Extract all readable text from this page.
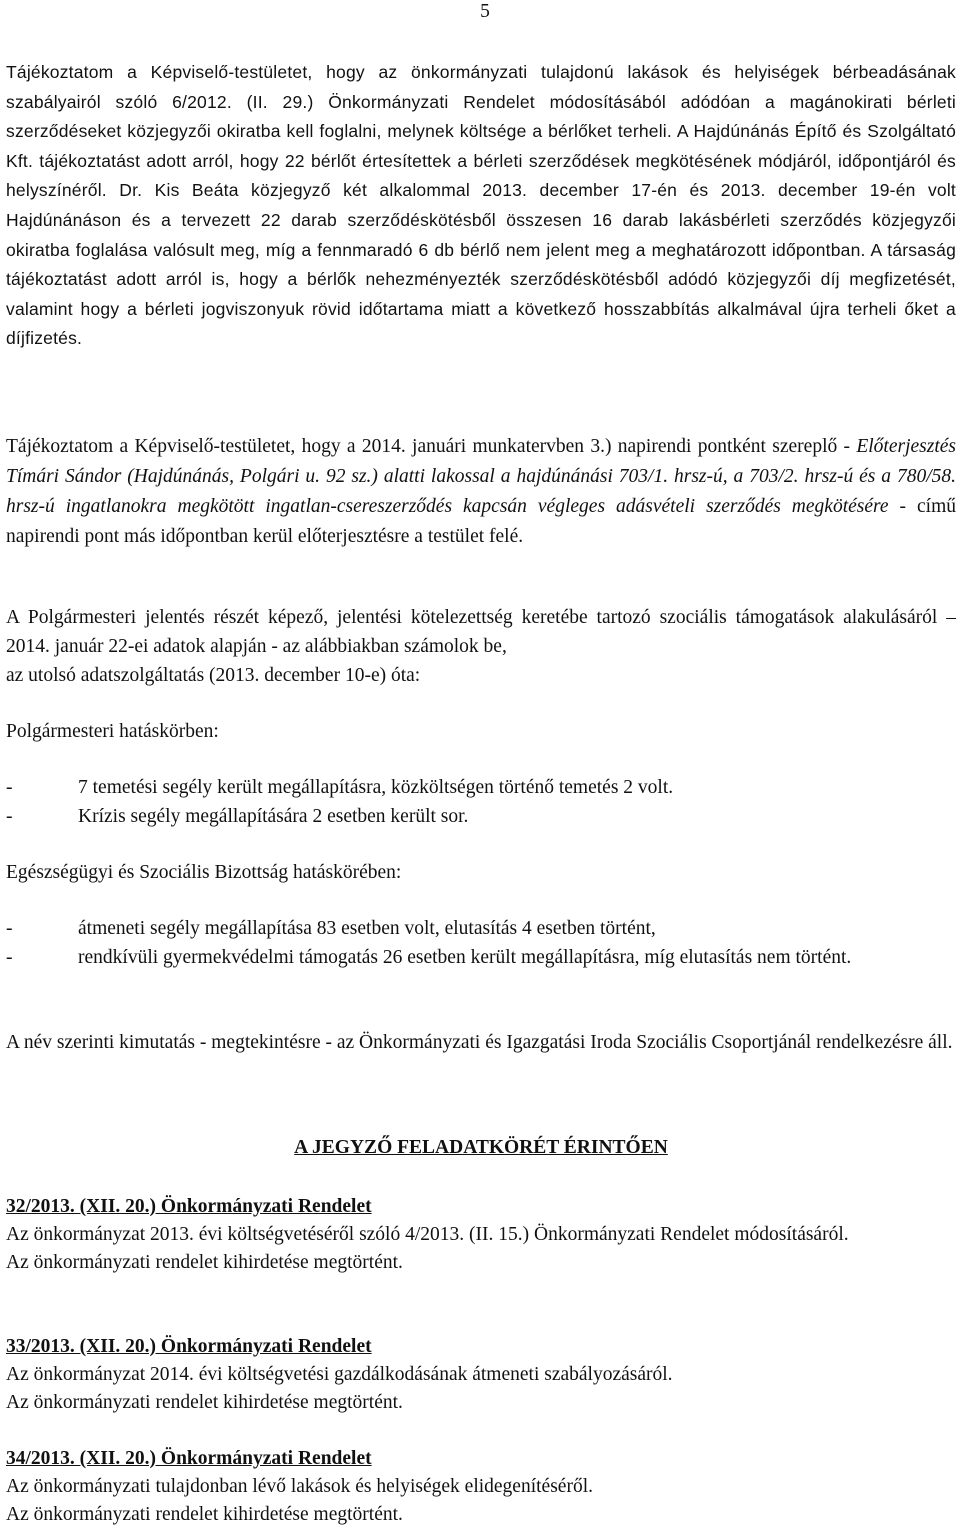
5

Tájékoztatom a Képviselő-testületet, hogy az önkormányzati tulajdonú lakások és helyiségek bérbeadásának szabályairól szóló 6/2012. (II. 29.) Önkormányzati Rendelet módosításából adódóan a magánokirati bérleti szerződéseket közjegyzői okiratba kell foglalni, melynek költsége a bérlőket terheli. A Hajdúnánás Építő és Szolgáltató Kft. tájékoztatást adott arról, hogy 22 bérlőt értesítettek a bérleti szerződések megkötésének módjáról, időpontjáról és helyszínéről. Dr. Kis Beáta közjegyző két alkalommal 2013. december 17-én és 2013. december 19-én volt Hajdúnánáson és a tervezett 22 darab szerződéskötésből összesen 16 darab lakásbérleti szerződés közjegyzői okiratba foglalása valósult meg, míg a fennmaradó 6 db bérlő nem jelent meg a meghatározott időpontban. A társaság tájékoztatást adott arról is, hogy a bérlők nehezményezték szerződéskötésből adódó közjegyzői díj megfizetését, valamint hogy a bérleti jogviszonyuk rövid időtartama miatt a következő hosszabbítás alkalmával újra terheli őket a díjfizetés.

Tájékoztatom a Képviselő-testületet, hogy a 2014. januári munkatervben 3.) napirendi pontként szereplő - Előterjesztés Tímári Sándor (Hajdúnánás, Polgári u. 92 sz.) alatti lakossal a hajdúnánási 703/1. hrsz-ú, a 703/2. hrsz-ú és a 780/58. hrsz-ú ingatlanokra megkötött ingatlan-csereszerződés kapcsán végleges adásvételi szerződés megkötésére - című napirendi pont más időpontban kerül előterjesztésre a testület felé.

A Polgármesteri jelentés részét képező, jelentési kötelezettség keretébe tartozó szociális támogatások alakulásáról – 2014. január 22-ei adatok alapján - az alábbiakban számolok be,
az utolsó adatszolgáltatás (2013. december 10-e) óta:
Polgármesteri hatáskörben:
-	7 temetési segély került megállapításra, közköltségen történő temetés 2 volt.
-	Krízis segély megállapítására 2 esetben került sor.
Egészségügyi és Szociális Bizottság hatáskörében:
-	átmeneti segély megállapítása 83 esetben volt, elutasítás 4 esetben történt,
-	rendkívüli gyermekvédelmi támogatás 26 esetben került megállapításra, míg elutasítás nem történt.

A név szerinti kimutatás - megtekintésre - az Önkormányzati és Igazgatási Iroda Szociális Csoportjánál rendelkezésre áll.

A JEGYZŐ FELADATKÖRÉT ÉRINTŐEN
32/2013. (XII. 20.) Önkormányzati Rendelet
Az önkormányzat 2013. évi költségvetéséről szóló 4/2013. (II. 15.) Önkormányzati Rendelet módosításáról.
Az önkormányzati rendelet kihirdetése megtörtént.
33/2013. (XII. 20.) Önkormányzati Rendelet
Az önkormányzat 2014. évi költségvetési gazdálkodásának átmeneti szabályozásáról.
Az önkormányzati rendelet kihirdetése megtörtént.
34/2013. (XII. 20.) Önkormányzati Rendelet
Az önkormányzati tulajdonban lévő lakások és helyiségek elidegenítéséről.
Az önkormányzati rendelet kihirdetése megtörtént.
